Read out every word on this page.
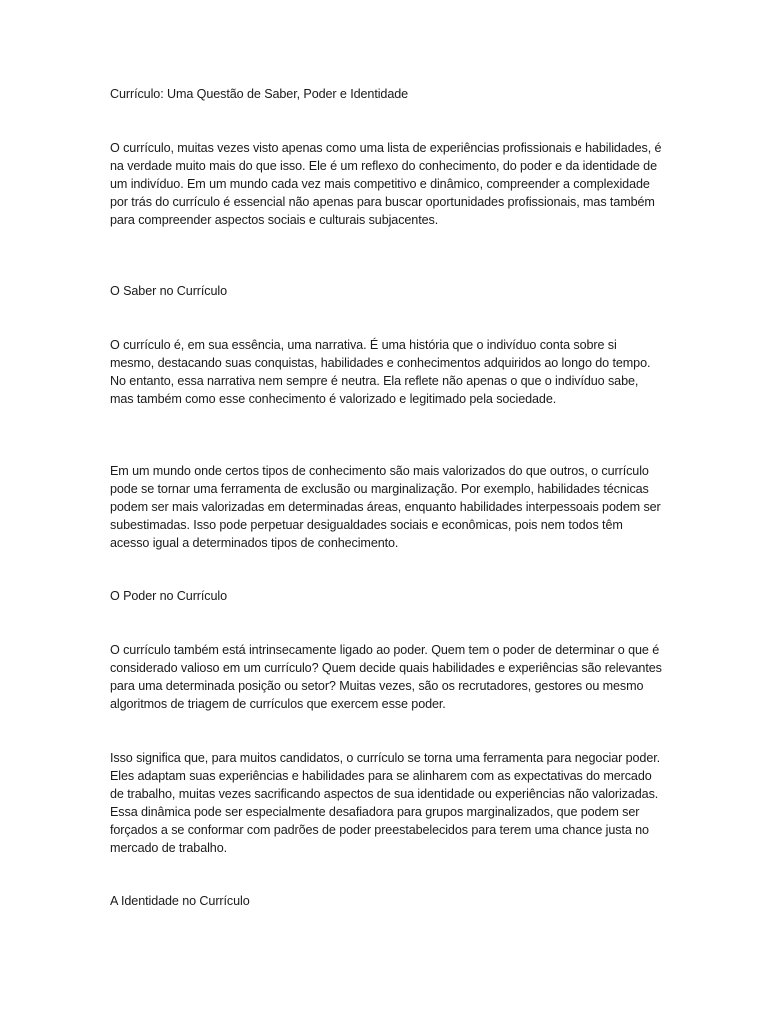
Currículo: Uma Questão de Saber, Poder e Identidade

O currículo, muitas vezes visto apenas como uma lista de experiências profissionais e habilidades, é na verdade muito mais do que isso. Ele é um reflexo do conhecimento, do poder e da identidade de um indivíduo. Em um mundo cada vez mais competitivo e dinâmico, compreender a complexidade por trás do currículo é essencial não apenas para buscar oportunidades profissionais, mas também para compreender aspectos sociais e culturais subjacentes.

O Saber no Currículo

O currículo é, em sua essência, uma narrativa. É uma história que o indivíduo conta sobre si mesmo, destacando suas conquistas, habilidades e conhecimentos adquiridos ao longo do tempo. No entanto, essa narrativa nem sempre é neutra. Ela reflete não apenas o que o indivíduo sabe, mas também como esse conhecimento é valorizado e legitimado pela sociedade.

Em um mundo onde certos tipos de conhecimento são mais valorizados do que outros, o currículo pode se tornar uma ferramenta de exclusão ou marginalização. Por exemplo, habilidades técnicas podem ser mais valorizadas em determinadas áreas, enquanto habilidades interpessoais podem ser subestimadas. Isso pode perpetuar desigualdades sociais e econômicas, pois nem todos têm acesso igual a determinados tipos de conhecimento.

O Poder no Currículo

O currículo também está intrinsecamente ligado ao poder. Quem tem o poder de determinar o que é considerado valioso em um currículo? Quem decide quais habilidades e experiências são relevantes para uma determinada posição ou setor? Muitas vezes, são os recrutadores, gestores ou mesmo algoritmos de triagem de currículos que exercem esse poder.

Isso significa que, para muitos candidatos, o currículo se torna uma ferramenta para negociar poder. Eles adaptam suas experiências e habilidades para se alinharem com as expectativas do mercado de trabalho, muitas vezes sacrificando aspectos de sua identidade ou experiências não valorizadas. Essa dinâmica pode ser especialmente desafiadora para grupos marginalizados, que podem ser forçados a se conformar com padrões de poder preestabelecidos para terem uma chance justa no mercado de trabalho.

A Identidade no Currículo
